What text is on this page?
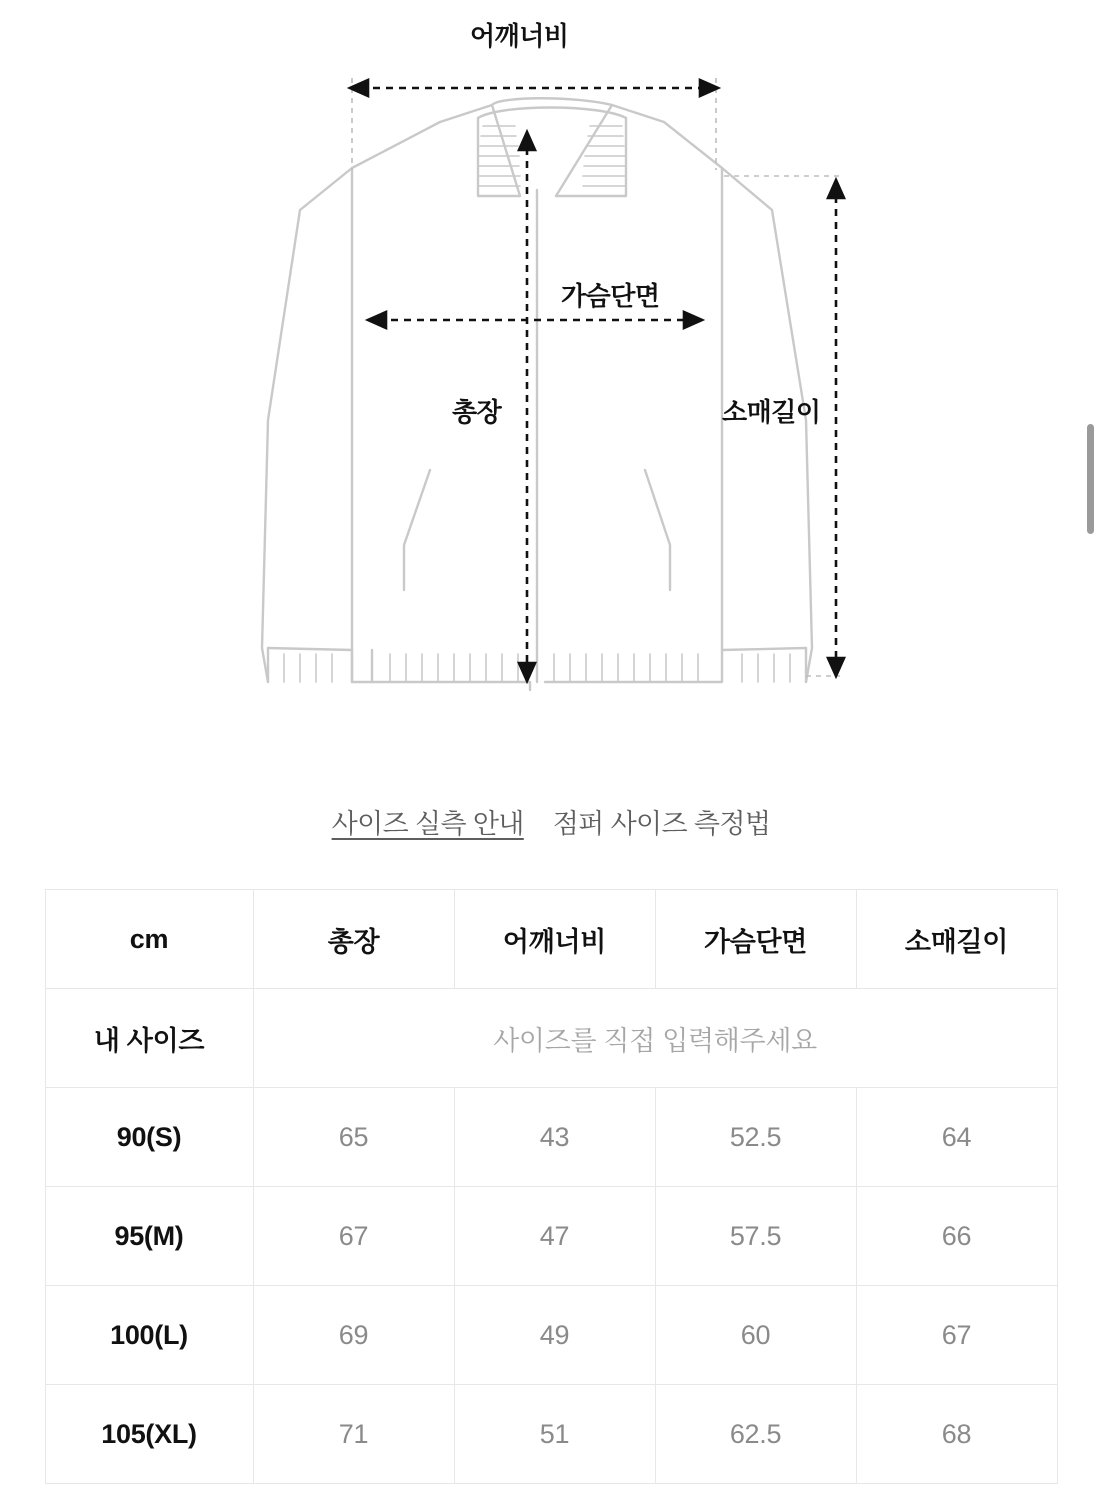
어깨너비
가슴단면
총장	소매길이
사이즈 실측 안내 점퍼 사이즈 측정법
cm	총장	어깨너비	가슴단면	소매길이
내 사이즈	사이즈를 직접 입력해주세요			
90(S)	65	43	52.5	64
95(M)	67	47	57.5	66
100(L)	69	49	60	67
105(XL)	71	51	62.5	68
